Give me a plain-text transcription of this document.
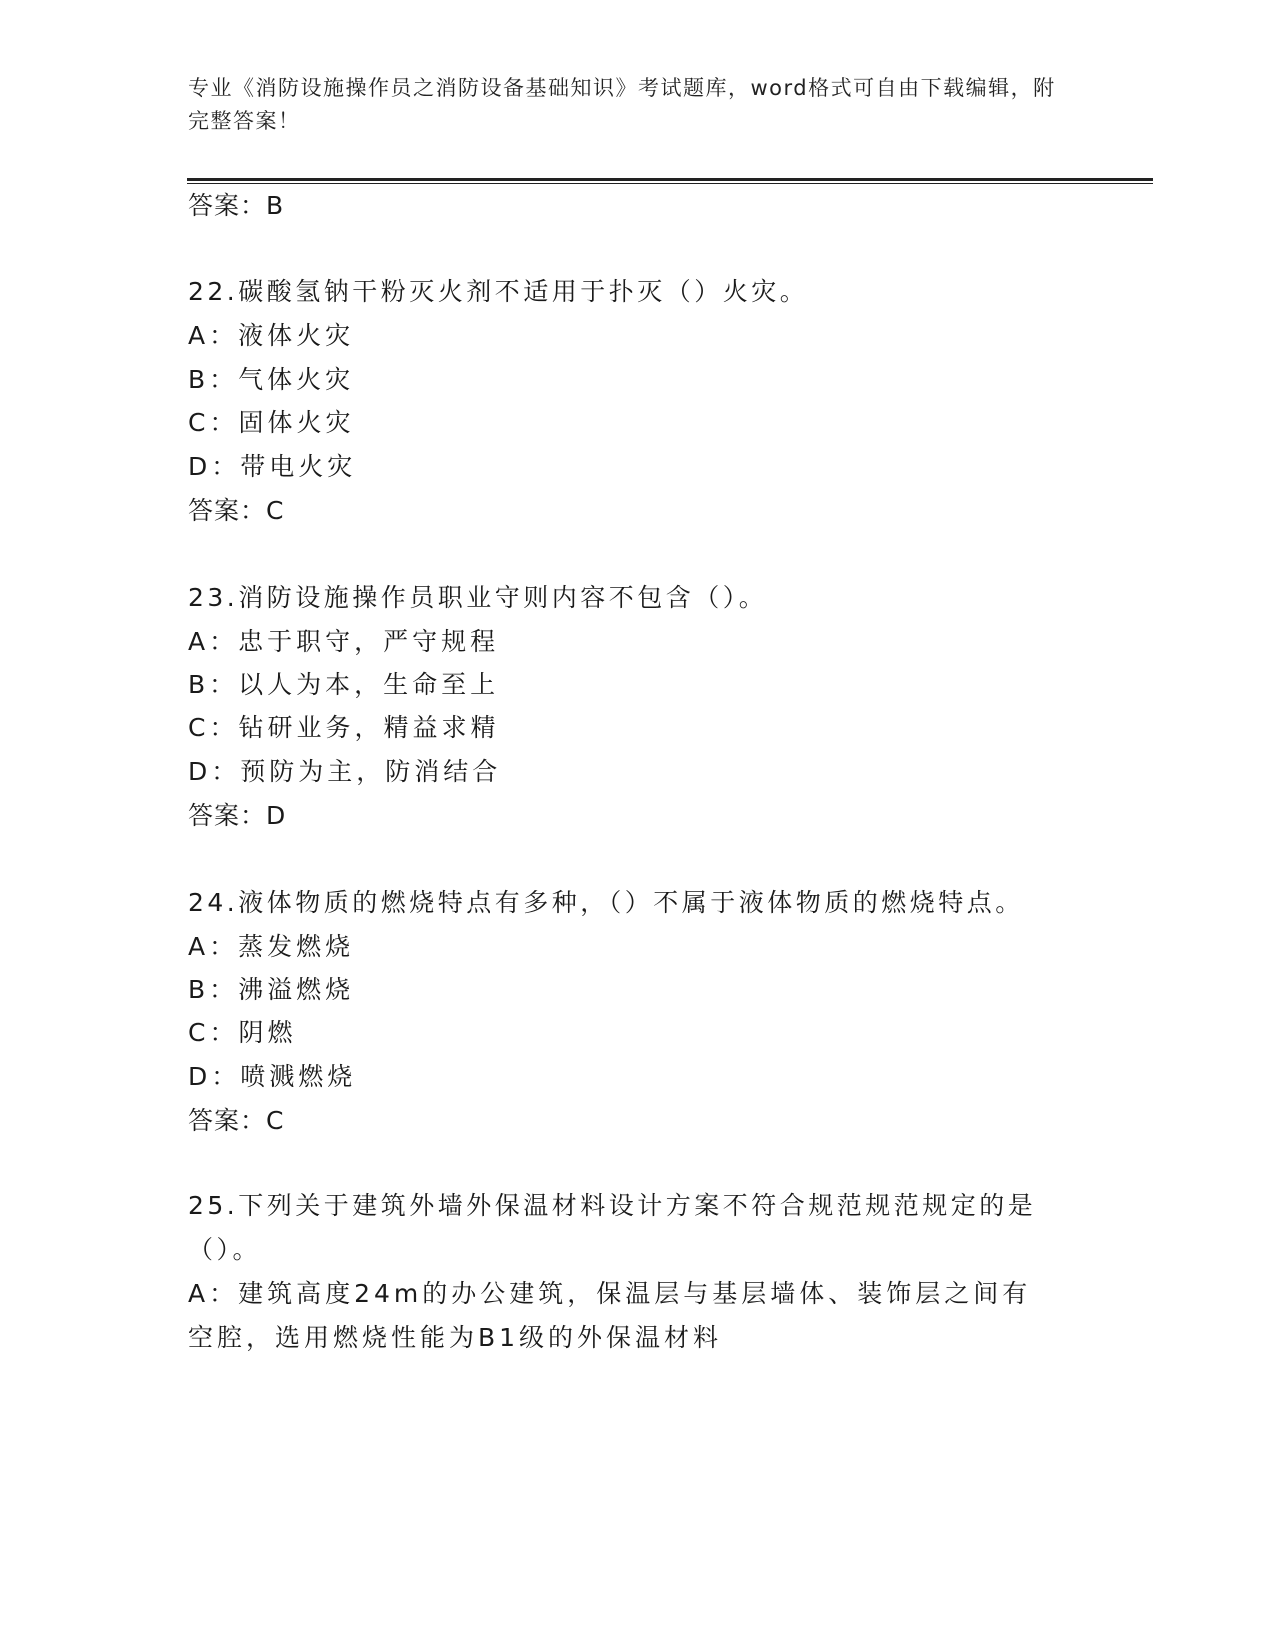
专业《消防设施操作员之消防设备基础知识》考试题库，word格式可自由下载编辑，附完整答案！
答案：B
22.碳酸氢钠干粉灭火剂不适用于扑灭（）火灾。
A：液体火灾
B：气体火灾
C：固体火灾
D：带电火灾
答案：C
23.消防设施操作员职业守则内容不包含（）。
A：忠于职守，严守规程
B：以人为本，生命至上
C：钻研业务，精益求精
D：预防为主，防消结合
答案：D
24.液体物质的燃烧特点有多种，（）不属于液体物质的燃烧特点。
A：蒸发燃烧
B：沸溢燃烧
C：阴燃
D：喷溅燃烧
答案：C
25.下列关于建筑外墙外保温材料设计方案不符合规范规范规定的是（）。
A：建筑高度24m的办公建筑，保温层与基层墙体、装饰层之间有空腔，选用燃烧性能为B1级的外保温材料
